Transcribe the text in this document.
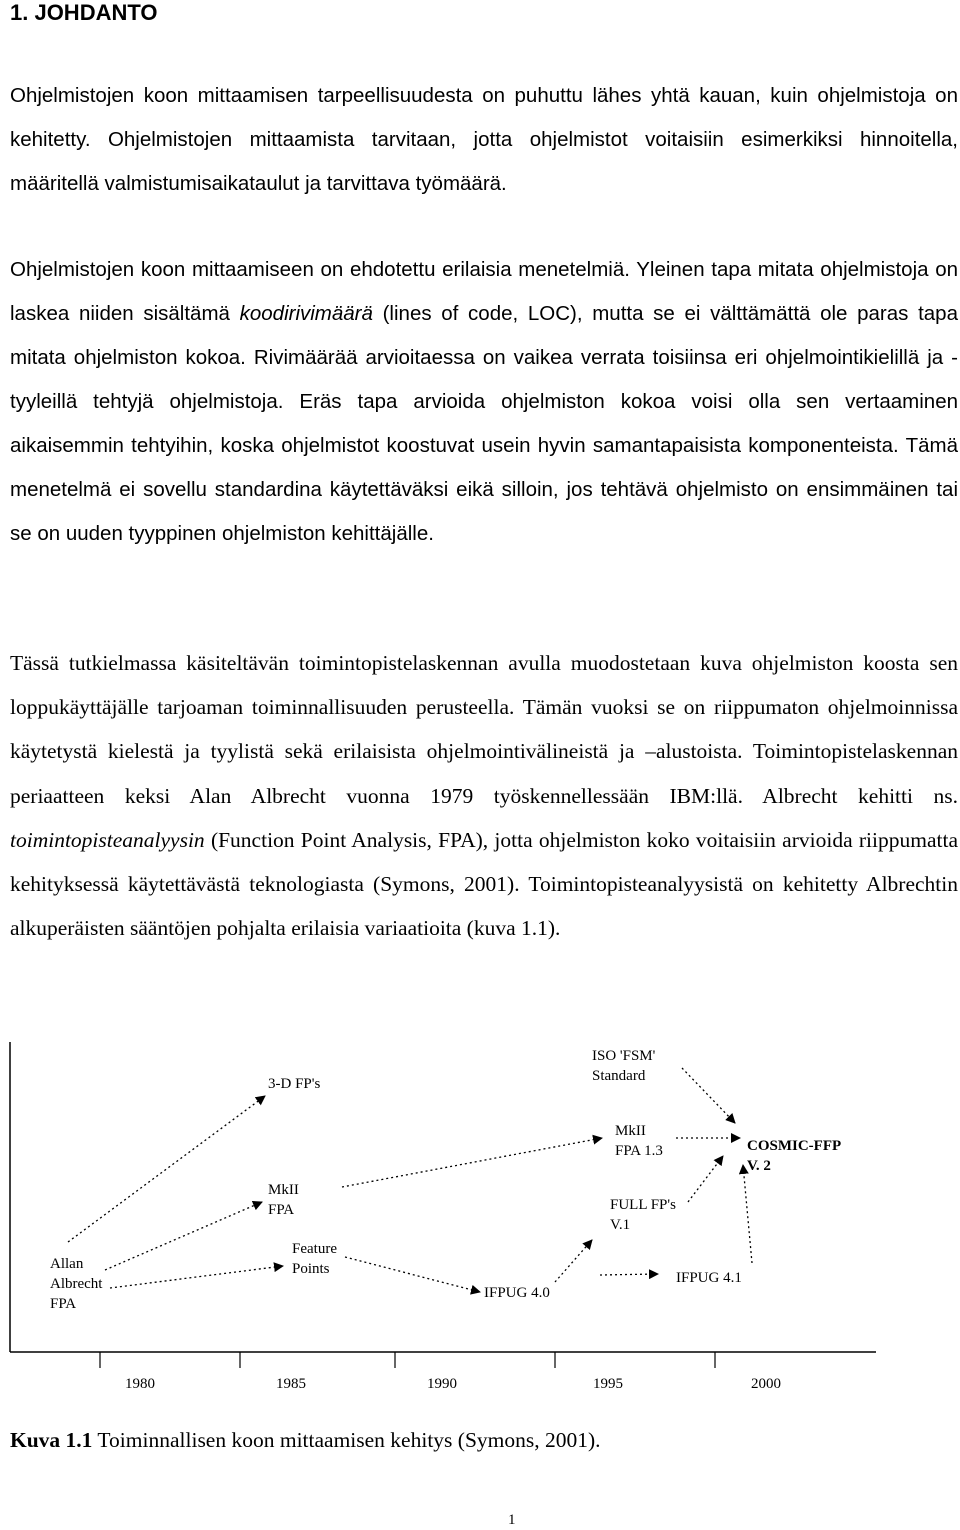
1. JOHDANTO

Ohjelmistojen koon mittaamisen tarpeellisuudesta on puhuttu lähes yhtä kauan, kuin ohjelmistoja on kehitetty. Ohjelmistojen mittaamista tarvitaan, jotta ohjelmistot voitaisiin esimerkiksi hinnoitella, määritellä valmistumisaikataulut ja tarvittava työmäärä.

Ohjelmistojen koon mittaamiseen on ehdotettu erilaisia menetelmiä. Yleinen tapa mitata ohjelmistoja on laskea niiden sisältämä koodirivimäärä (lines of code, LOC), mutta se ei välttämättä ole paras tapa mitata ohjelmiston kokoa. Rivimäärää arvioitaessa on vaikea verrata toisiinsa eri ohjelmointikielillä ja -tyyleillä tehtyjä ohjelmistoja. Eräs tapa arvioida ohjelmiston kokoa voisi olla sen vertaaminen aikaisemmin tehtyihin, koska ohjelmistot koostuvat usein hyvin samantapaisista komponenteista. Tämä menetelmä ei sovellu standardina käytettäväksi eikä silloin, jos tehtävä ohjelmisto on ensimmäinen tai se on uuden tyyppinen ohjelmiston kehittäjälle.

Tässä tutkielmassa käsiteltävän toimintopistelaskennan avulla muodostetaan kuva ohjelmiston koosta sen loppukäyttäjälle tarjoaman toiminnallisuuden perusteella. Tämän vuoksi se on riippumaton ohjelmoinnissa käytetystä kielestä ja tyylistä sekä erilaisista ohjelmointivälineistä ja –alustoista. Toimintopistelaskennan periaatteen keksi Alan Albrecht vuonna 1979 työskennellessään IBM:llä. Albrecht kehitti ns. toimintopisteanalyysin (Function Point Analysis, FPA), jotta ohjelmiston koko voitaisiin arvioida riippumatta kehityksessä käytettävästä teknologiasta (Symons, 2001). Toimintopisteanalyysistä on kehitetty Albrechtin alkuperäisten sääntöjen pohjalta erilaisia variaatioita (kuva 1.1).

Allan
Albrecht
FPA

3-D FP's

MkII
FPA

Feature
Points

IFPUG 4.0

ISO 'FSM'
Standard

MkII
FPA 1.3

FULL FP's
V.1

IFPUG 4.1

COSMIC-FFP
V. 2

1980	1985	1990	1995	2000

Kuva 1.1 Toiminnallisen koon mittaamisen kehitys (Symons, 2001).

1
